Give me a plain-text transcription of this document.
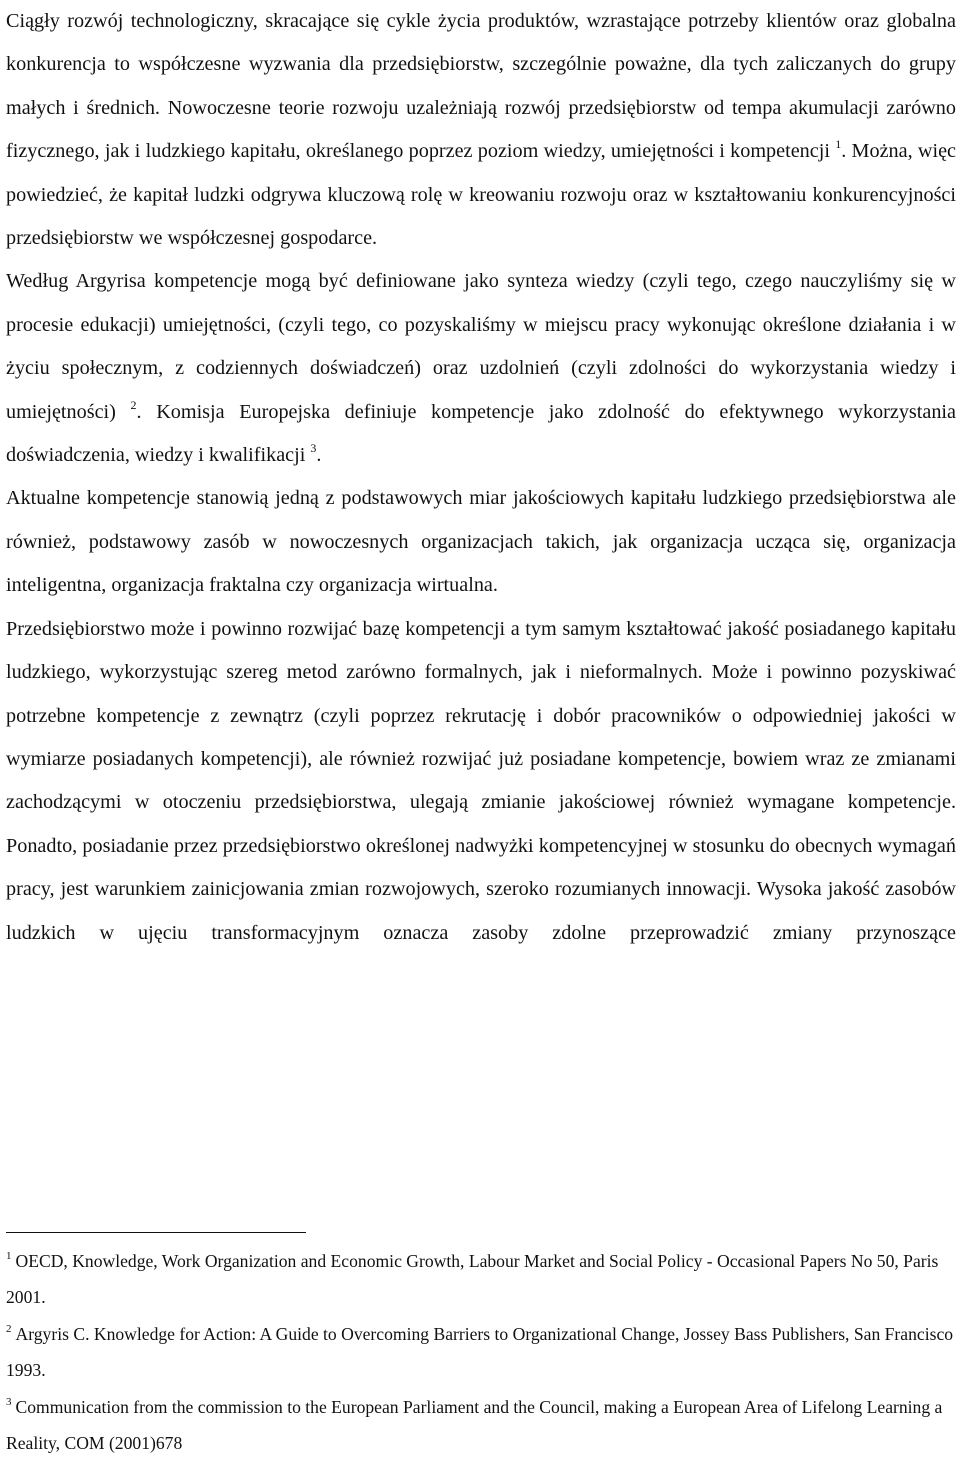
Ciągły rozwój technologiczny, skracające się cykle życia produktów, wzrastające potrzeby klientów oraz globalna konkurencja to współczesne wyzwania dla przedsiębiorstw, szczególnie poważne, dla tych zaliczanych do grupy małych i średnich. Nowoczesne teorie rozwoju uzależniają rozwój przedsiębiorstw od tempa akumulacji zarówno fizycznego, jak i ludzkiego kapitału, określanego poprzez poziom wiedzy, umiejętności i kompetencji $^1$. Można, więc powiedzieć, że kapitał ludzki odgrywa kluczową rolę w kreowaniu rozwoju oraz w kształtowaniu konkurencyjności przedsiębiorstw we współczesnej gospodarce.

Według Argyrisa kompetencje mogą być definiowane jako synteza wiedzy (czyli tego, czego nauczyliśmy się w procesie edukacji) umiejętności, (czyli tego, co pozyskaliśmy w miejscu pracy wykonując określone działania i w życiu społecznym, z codziennych doświadczeń) oraz uzdolnień (czyli zdolności do wykorzystania wiedzy i umiejętności) $^2$. Komisja Europejska definiuje kompetencje jako zdolność do efektywnego wykorzystania doświadczenia, wiedzy i kwalifikacji $^3$.

Aktualne kompetencje stanowią jedną z podstawowych miar jakościowych kapitału ludzkiego przedsiębiorstwa ale również, podstawowy zasób w nowoczesnych organizacjach takich, jak organizacja ucząca się, organizacja inteligentna, organizacja fraktalna czy organizacja wirtualna.

Przedsiębiorstwo może i powinno rozwijać bazę kompetencji a tym samym kształtować jakość posiadanego kapitału ludzkiego, wykorzystując szereg metod zarówno formalnych, jak i nieformalnych. Może i powinno pozyskiwać potrzebne kompetencje z zewnątrz (czyli poprzez rekrutację i dobór pracowników o odpowiedniej jakości w wymiarze posiadanych kompetencji), ale również rozwijać już posiadane kompetencje, bowiem wraz ze zmianami zachodzącymi w otoczeniu przedsiębiorstwa, ulegają zmianie jakościowej również wymagane kompetencje. Ponadto, posiadanie przez przedsiębiorstwo określonej nadwyżki kompetencyjnej w stosunku do obecnych wymagań pracy, jest warunkiem zainicjowania zmian rozwojowych, szeroko rozumianych innowacji. Wysoka jakość zasobów ludzkich w ujęciu transformacyjnym oznacza zasoby zdolne przeprowadzić zmiany przynoszące

$^1$ OECD, Knowledge, Work Organization and Economic Growth, Labour Market and Social Policy - Occasional Papers No 50, Paris 2001.

$^2$ Argyris C. Knowledge for Action: A Guide to Overcoming Barriers to Organizational Change, Jossey Bass Publishers, San Francisco 1993.

$^3$ Communication from the commission to the European Parliament and the Council, making a European Area of Lifelong Learning a Reality, COM (2001)678
